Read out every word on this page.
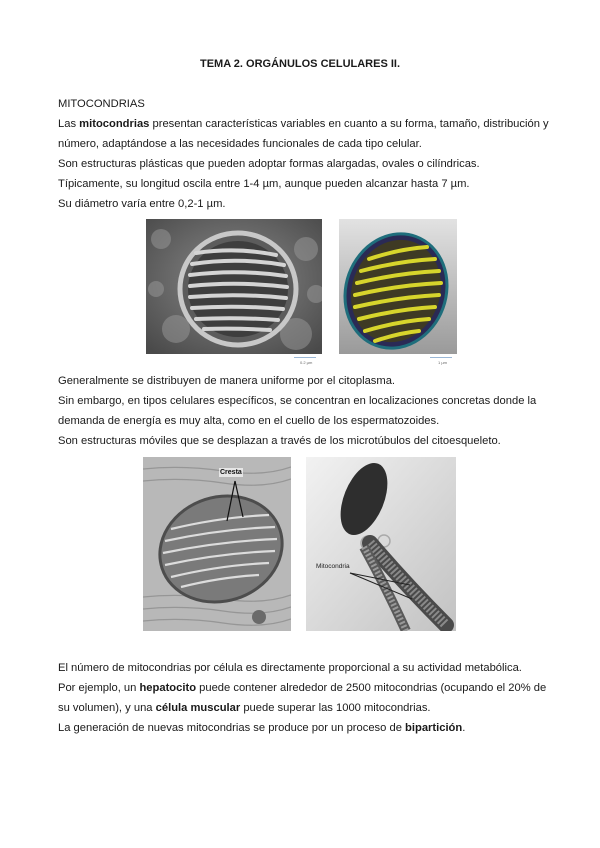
TEMA 2. ORGÁNULOS CELULARES II.

MITOCONDRIAS

Las mitocondrias presentan características variables en cuanto a su forma, tamaño, distribución y

número, adaptándose a las necesidades funcionales de cada tipo celular.

Son estructuras plásticas que pueden adoptar formas alargadas, ovales o cilíndricas.

Típicamente, su longitud oscila entre 1-4 µm, aunque pueden alcanzar hasta 7 µm.

Su diámetro varía entre 0,2-1 µm.

0.2 µm	1 µm

Generalmente se distribuyen de manera uniforme por el citoplasma.

Sin embargo, en tipos celulares específicos, se concentran en localizaciones concretas donde la

demanda de energía es muy alta, como en el cuello de los espermatozoides.

Son estructuras móviles que se desplazan a través de los microtúbulos del citoesqueleto.

Cresta
Mitocondria

El número de mitocondrias por célula es directamente proporcional a su actividad metabólica.

Por ejemplo, un hepatocito puede contener alrededor de 2500 mitocondrias (ocupando el 20% de

su volumen), y una célula muscular puede superar las 1000 mitocondrias.

La generación de nuevas mitocondrias se produce por un proceso de bipartición.
